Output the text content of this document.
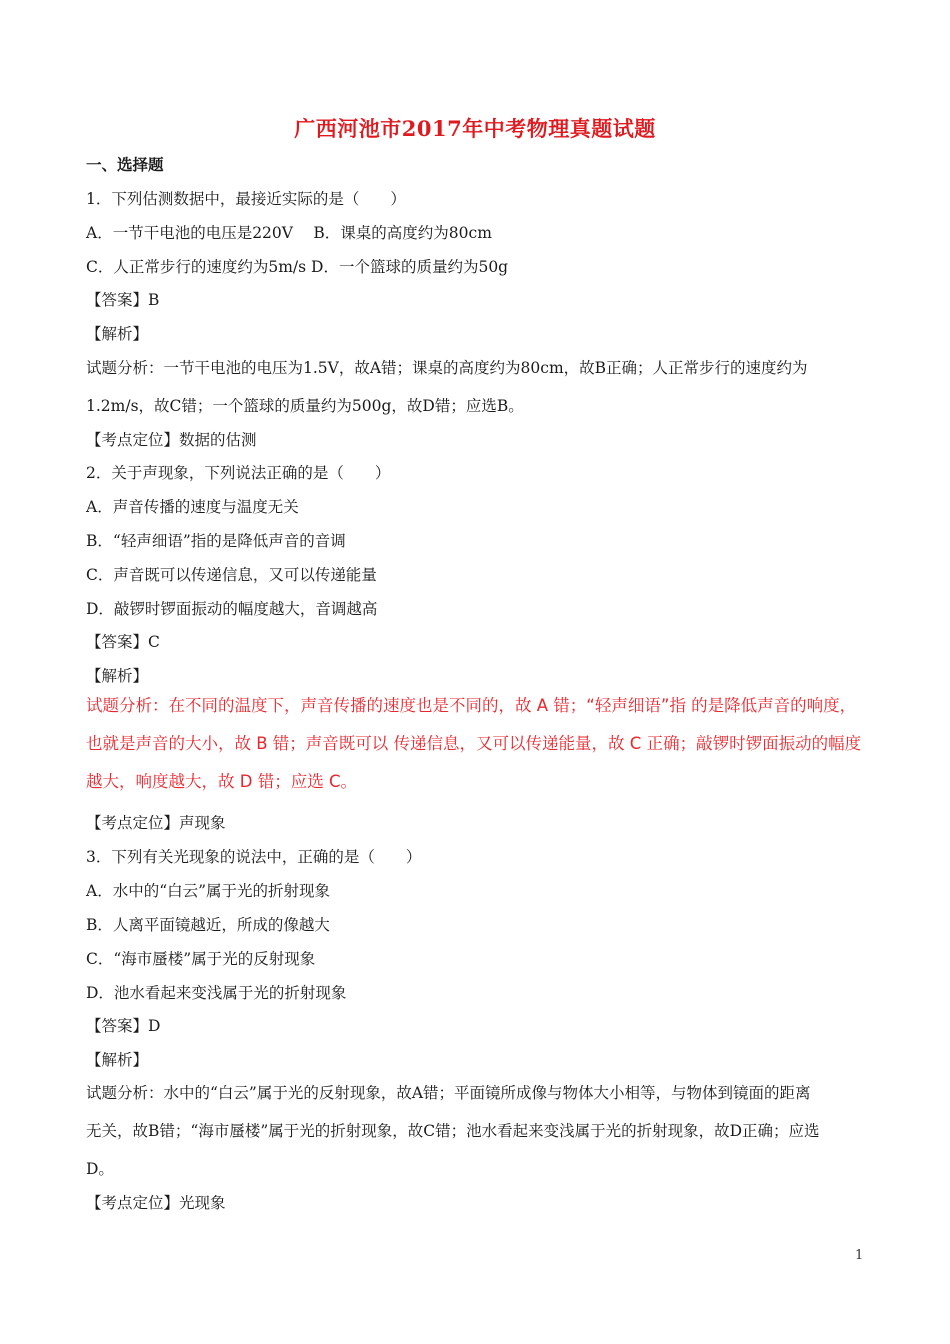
广西河池市2017年中考物理真题试题
一、选择题
1．下列估测数据中，最接近实际的是（　　）
A．一节干电池的电压是220V　 B．课桌的高度约为80cm
C．人正常步行的速度约为5m/s D．一个篮球的质量约为50g
【答案】B
【解析】
试题分析：一节干电池的电压为1.5V，故A错；课桌的高度约为80cm，故B正确；人正常步行的速度约为
1.2m/s，故C错；一个篮球的质量约为500g，故D错；应选B。
【考点定位】数据的估测
2．关于声现象，下列说法正确的是（　　）
A．声音传播的速度与温度无关
B．“轻声细语”指的是降低声音的音调
C．声音既可以传递信息，又可以传递能量
D．敲锣时锣面振动的幅度越大，音调越高
【答案】C
【解析】
试题分析：在不同的温度下，声音传播的速度也是不同的，故 A 错；“轻声细语”指 的是降低声音的响度，
也就是声音的大小，故 B 错；声音既可以 传递信息，又可以传递能量，故 C 正确；敲锣时锣面振动的幅度
越大，响度越大，故 D 错；应选 C。
【考点定位】声现象
3．下列有关光现象的说法中，正确的是（　　）
A．水中的“白云”属于光的折射现象
B．人离平面镜越近，所成的像越大
C．“海市蜃楼”属于光的反射现象
D．池水看起来变浅属于光的折射现象
【答案】D
【解析】
试题分析：水中的“白云”属于光的反射现象，故A错；平面镜所成像与物体大小相等，与物体到镜面的距离
无关，故B错；“海市蜃楼”属于光的折射现象，故C错；池水看起来变浅属于光的折射现象，故D正确；应选
D。
【考点定位】光现象
1
